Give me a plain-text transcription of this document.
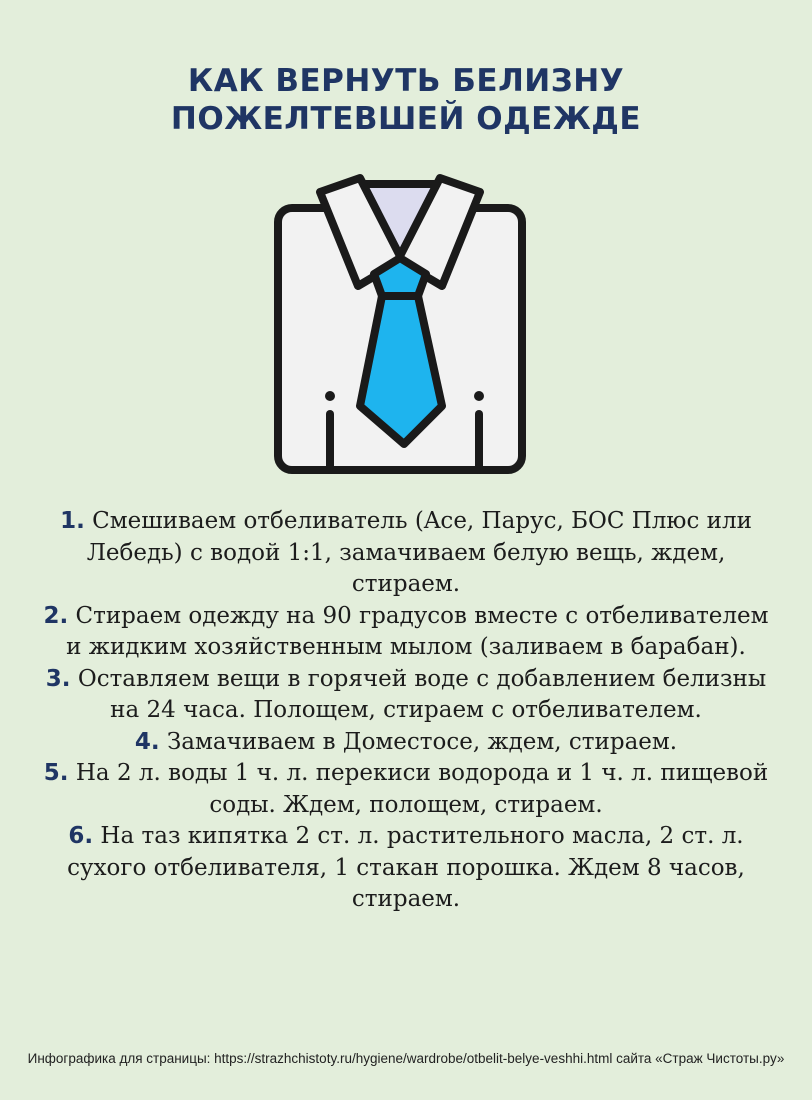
КАК ВЕРНУТЬ БЕЛИЗНУ
ПОЖЕЛТЕВШЕЙ ОДЕЖДЕ

1. Смешиваем отбеливатель (Ace, Парус, БОС Плюс или Лебедь) с водой 1:1, замачиваем белую вещь, ждем, стираем.

2. Стираем одежду на 90 градусов вместе с отбеливателем и жидким хозяйственным мылом (заливаем в барабан).

3. Оставляем вещи в горячей воде с добавлением белизны на 24 часа. Полощем, стираем с отбеливателем.

4. Замачиваем в Доместосе, ждем, стираем.

5. На 2 л. воды 1 ч. л. перекиси водорода и 1 ч. л. пищевой соды. Ждем, полощем, стираем.

6. На таз кипятка 2 ст. л. растительного масла, 2 ст. л. сухого отбеливателя, 1 стакан порошка. Ждем 8 часов, стираем.

Инфографика для страницы: https://strazhchistoty.ru/hygiene/wardrobe/otbelit-belye-veshhi.html сайта «Страж Чистоты.ру»
